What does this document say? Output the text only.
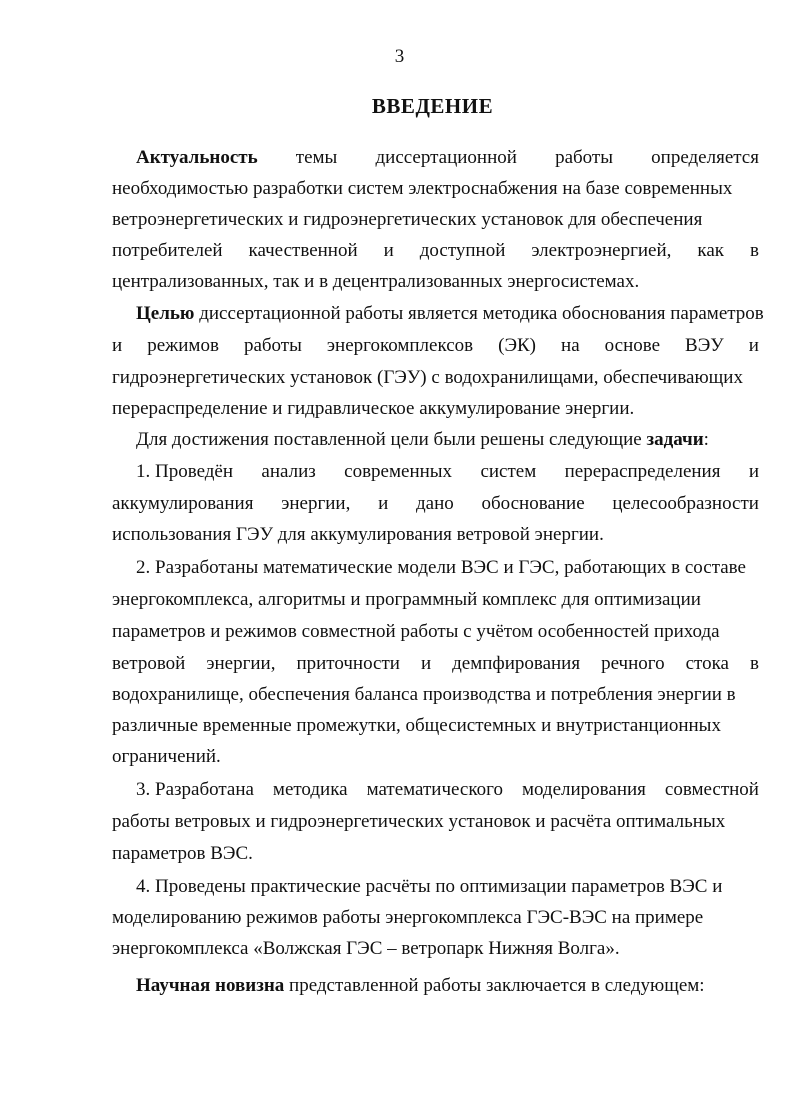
3
ВВЕДЕНИЕ
Актуальность темы диссертационной работы определяется
необходимостью разработки систем электроснабжения на базе современных
ветроэнергетических и гидроэнергетических установок для обеспечения
потребителей качественной и доступной электроэнергией, как в
централизованных, так и в децентрализованных энергосистемах.
Целью диссертационной работы является методика обоснования параметров
и режимов работы энергокомплексов (ЭК) на основе ВЭУ и
гидроэнергетических установок (ГЭУ) с водохранилищами, обеспечивающих
перераспределение и гидравлическое аккумулирование энергии.
Для достижения поставленной цели были решены следующие задачи:
1. Проведён анализ современных систем перераспределения и
аккумулирования энергии, и дано обоснование целесообразности
использования ГЭУ для аккумулирования ветровой энергии.
2. Разработаны математические модели ВЭС и ГЭС, работающих в составе
энергокомплекса, алгоритмы и программный комплекс для оптимизации
параметров и режимов совместной работы с учётом особенностей прихода
ветровой энергии, приточности и демпфирования речного стока в
водохранилище, обеспечения баланса производства и потребления энергии в
различные временные промежутки, общесистемных и внутристанционных
ограничений.
3. Разработана методика математического моделирования совместной
работы ветровых и гидроэнергетических установок и расчёта оптимальных
параметров ВЭС.
4. Проведены практические расчёты по оптимизации параметров ВЭС и
моделированию режимов работы энергокомплекса ГЭС-ВЭС на примере
энергокомплекса «Волжская ГЭС – ветропарк Нижняя Волга».
Научная новизна представленной работы заключается в следующем:
